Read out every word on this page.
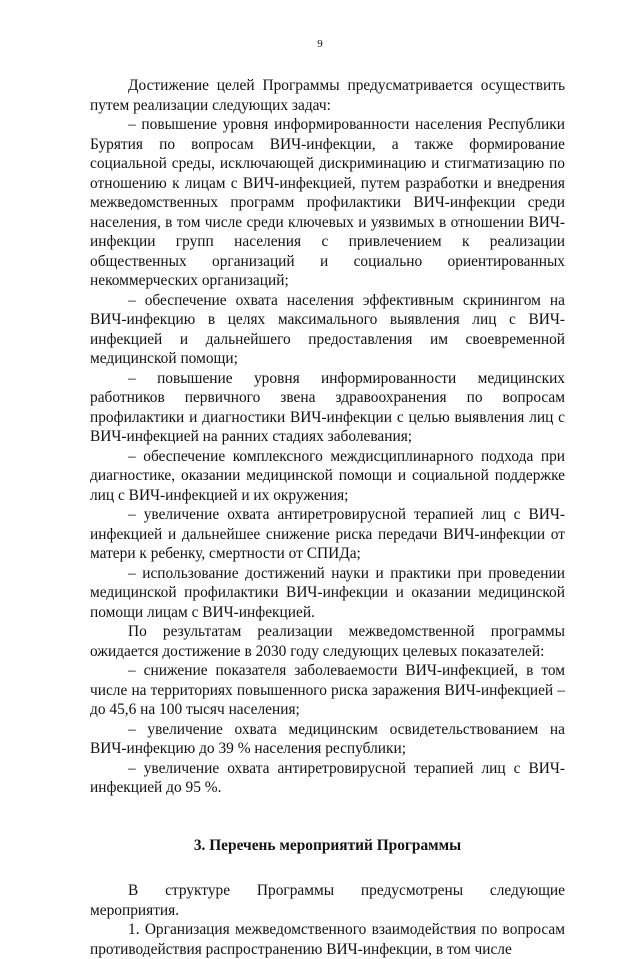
9

Достижение целей Программы предусматривается осуществить путем реализации следующих задач:

– повышение уровня информированности населения Республики Бурятия по вопросам ВИЧ-инфекции, а также формирование социальной среды, исключающей дискриминацию и стигматизацию по отношению к лицам с ВИЧ-инфекцией, путем разработки и внедрения межведомственных программ профилактики ВИЧ-инфекции среди населения, в том числе среди ключевых и уязвимых в отношении ВИЧ-инфекции групп населения с привлечением к реализации общественных организаций и социально ориентированных некоммерческих организаций;

– обеспечение охвата населения эффективным скринингом на ВИЧ-инфекцию в целях максимального выявления лиц с ВИЧ-инфекцией и дальнейшего предоставления им своевременной медицинской помощи;

– повышение уровня информированности медицинских работников первичного звена здравоохранения по вопросам профилактики и диагностики ВИЧ-инфекции с целью выявления лиц с ВИЧ-инфекцией на ранних стадиях заболевания;

– обеспечение комплексного междисциплинарного подхода при диагностике, оказании медицинской помощи и социальной поддержке лиц с ВИЧ-инфекцией и их окружения;

– увеличение охвата антиретровирусной терапией лиц с ВИЧ-инфекцией и дальнейшее снижение риска передачи ВИЧ-инфекции от матери к ребенку, смертности от СПИДа;

– использование достижений науки и практики при проведении медицинской профилактики ВИЧ-инфекции и оказании медицинской помощи лицам с ВИЧ-инфекцией.

По результатам реализации межведомственной программы ожидается достижение в 2030 году следующих целевых показателей:

– снижение показателя заболеваемости ВИЧ-инфекцией, в том числе на территориях повышенного риска заражения ВИЧ-инфекцией – до 45,6 на 100 тысяч населения;

– увеличение охвата медицинским освидетельствованием на ВИЧ-инфекцию до 39 % населения республики;

– увеличение охвата антиретровирусной терапией лиц с ВИЧ-инфекцией до 95 %.

3. Перечень мероприятий Программы

В структуре Программы предусмотрены следующие мероприятия.

1. Организация межведомственного взаимодействия по вопросам противодействия распространению ВИЧ-инфекции, в том числе
